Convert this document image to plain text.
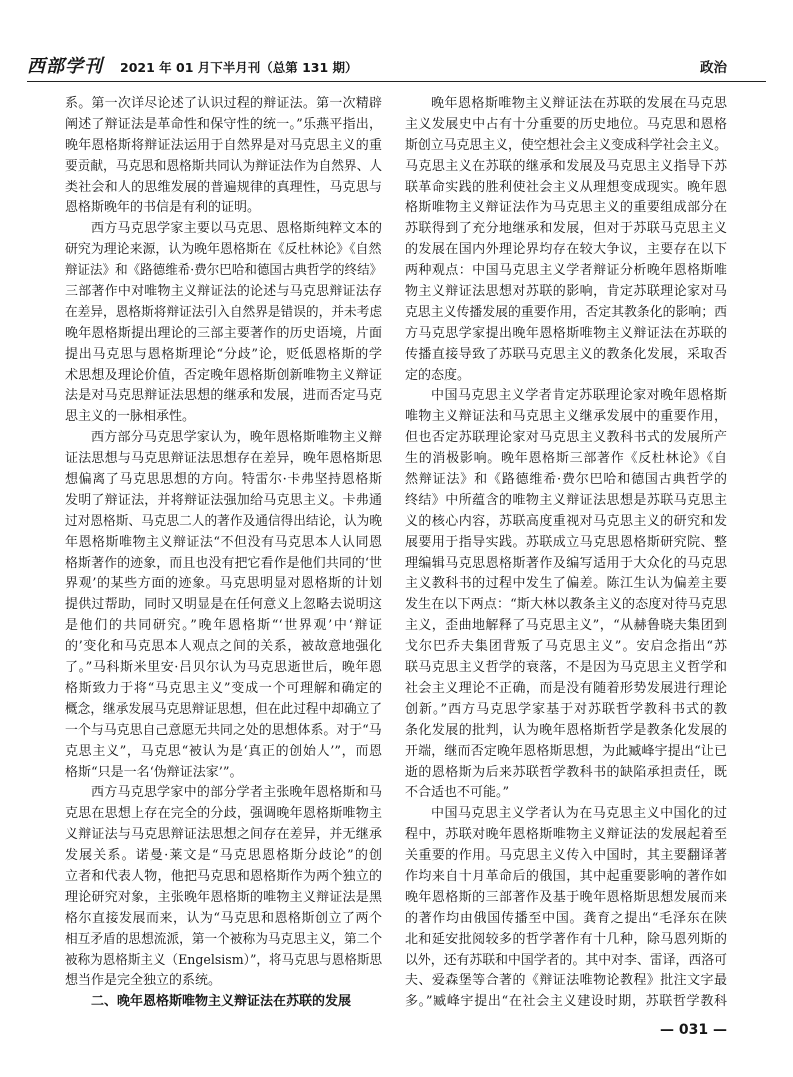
西部学刊 2021 年 01 月下半月刊（总第 131 期）	政治
系。第一次详尽论述了认识过程的辩证法。第一次精辟
阐述了辩证法是革命性和保守性的统一。”乐燕平指出，
晚年恩格斯将辩证法运用于自然界是对马克思主义的重
要贡献，马克思和恩格斯共同认为辩证法作为自然界、人
类社会和人的思维发展的普遍规律的真理性，马克思与
恩格斯晚年的书信是有利的证明。
西方马克思学家主要以马克思、恩格斯纯粹文本的
研究为理论来源，认为晚年恩格斯在《反杜林论》《自然
辩证法》和《路德维希·费尔巴哈和德国古典哲学的终结》
三部著作中对唯物主义辩证法的论述与马克思辩证法存
在差异，恩格斯将辩证法引入自然界是错误的，并未考虑
晚年恩格斯提出理论的三部主要著作的历史语境，片面
提出马克思与恩格斯理论“分歧”论，贬低恩格斯的学
术思想及理论价值，否定晚年恩格斯创新唯物主义辩证
法是对马克思辩证法思想的继承和发展，进而否定马克
思主义的一脉相承性。
西方部分马克思学家认为，晚年恩格斯唯物主义辩
证法思想与马克思辩证法思想存在差异，晚年恩格斯思
想偏离了马克思思想的方向。特雷尔·卡弗坚持恩格斯
发明了辩证法，并将辩证法强加给马克思主义。卡弗通
过对恩格斯、马克思二人的著作及通信得出结论，认为晚
年恩格斯唯物主义辩证法“不但没有马克思本人认同恩
格斯著作的迹象，而且也没有把它看作是他们共同的‘世
界观’的某些方面的迹象。马克思明显对恩格斯的计划
提供过帮助，同时又明显是在任何意义上忽略去说明这
是他们的共同研究。”晚年恩格斯“‘世界观’中‘辩证
的’变化和马克思本人观点之间的关系，被故意地强化
了。”马科斯米里安·吕贝尔认为马克思逝世后，晚年恩
格斯致力于将“马克思主义”变成一个可理解和确定的
概念，继承发展马克思辩证思想，但在此过程中却确立了
一个与马克思自己意愿无共同之处的思想体系。对于“马
克思主义”，马克思“被认为是‘真正的创始人’”，而恩
格斯“只是一名‘伪辩证法家’”。
西方马克思学家中的部分学者主张晚年恩格斯和马
克思在思想上存在完全的分歧，强调晚年恩格斯唯物主
义辩证法与马克思辩证法思想之间存在差异，并无继承
发展关系。诺曼·莱文是“马克思恩格斯分歧论”的创
立者和代表人物，他把马克思和恩格斯作为两个独立的
理论研究对象，主张晚年恩格斯的唯物主义辩证法是黑
格尔直接发展而来，认为“马克思和恩格斯创立了两个
相互矛盾的思想流派，第一个被称为马克思主义，第二个
被称为恩格斯主义（Engelsism）”，将马克思与恩格斯思
想当作是完全独立的系统。
二、晚年恩格斯唯物主义辩证法在苏联的发展
晚年恩格斯唯物主义辩证法在苏联的发展在马克思
主义发展史中占有十分重要的历史地位。马克思和恩格
斯创立马克思主义，使空想社会主义变成科学社会主义。
马克思主义在苏联的继承和发展及马克思主义指导下苏
联革命实践的胜利使社会主义从理想变成现实。晚年恩
格斯唯物主义辩证法作为马克思主义的重要组成部分在
苏联得到了充分地继承和发展，但对于苏联马克思主义
的发展在国内外理论界均存在较大争议，主要存在以下
两种观点：中国马克思主义学者辩证分析晚年恩格斯唯
物主义辩证法思想对苏联的影响，肯定苏联理论家对马
克思主义传播发展的重要作用，否定其教条化的影响；西
方马克思学家提出晚年恩格斯唯物主义辩证法在苏联的
传播直接导致了苏联马克思主义的教条化发展，采取否
定的态度。
中国马克思主义学者肯定苏联理论家对晚年恩格斯
唯物主义辩证法和马克思主义继承发展中的重要作用，
但也否定苏联理论家对马克思主义教科书式的发展所产
生的消极影响。晚年恩格斯三部著作《反杜林论》《自
然辩证法》和《路德维希·费尔巴哈和德国古典哲学的
终结》中所蕴含的唯物主义辩证法思想是苏联马克思主
义的核心内容，苏联高度重视对马克思主义的研究和发
展要用于指导实践。苏联成立马克思恩格斯研究院、整
理编辑马克思恩格斯著作及编写适用于大众化的马克思
主义教科书的过程中发生了偏差。陈江生认为偏差主要
发生在以下两点：“斯大林以教条主义的态度对待马克思
主义，歪曲地解释了马克思主义”，“从赫鲁晓夫集团到
戈尔巴乔夫集团背叛了马克思主义”。安启念指出“苏
联马克思主义哲学的衰落，不是因为马克思主义哲学和
社会主义理论不正确，而是没有随着形势发展进行理论
创新。”西方马克思学家基于对苏联哲学教科书式的教
条化发展的批判，认为晚年恩格斯哲学是教条化发展的
开端，继而否定晚年恩格斯思想，为此臧峰宇提出“让已
逝的恩格斯为后来苏联哲学教科书的缺陷承担责任，既
不合适也不可能。”
中国马克思主义学者认为在马克思主义中国化的过
程中，苏联对晚年恩格斯唯物主义辩证法的发展起着至
关重要的作用。马克思主义传入中国时，其主要翻译著
作均来自十月革命后的俄国，其中起重要影响的著作如
晚年恩格斯的三部著作及基于晚年恩格斯思想发展而来
的著作均由俄国传播至中国。龚育之提出“毛泽东在陕
北和延安批阅较多的哲学著作有十几种，除马恩列斯的
以外，还有苏联和中国学者的。其中对李、雷译，西洛可
夫、爱森堡等合著的《辩证法唯物论教程》批注文字最
多。”臧峰宇提出“在社会主义建设时期，苏联哲学教科
— 031 —
